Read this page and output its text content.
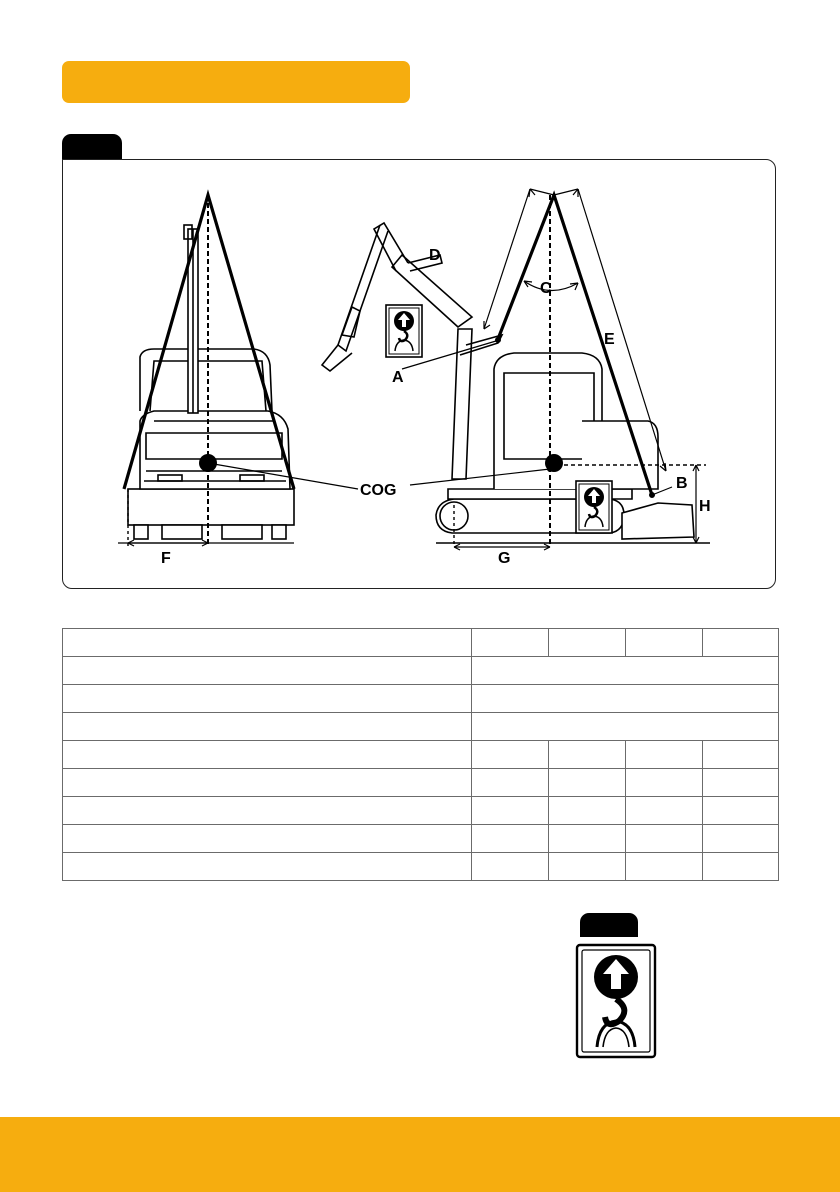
D
C
E
A
B
COG
H
F	G
